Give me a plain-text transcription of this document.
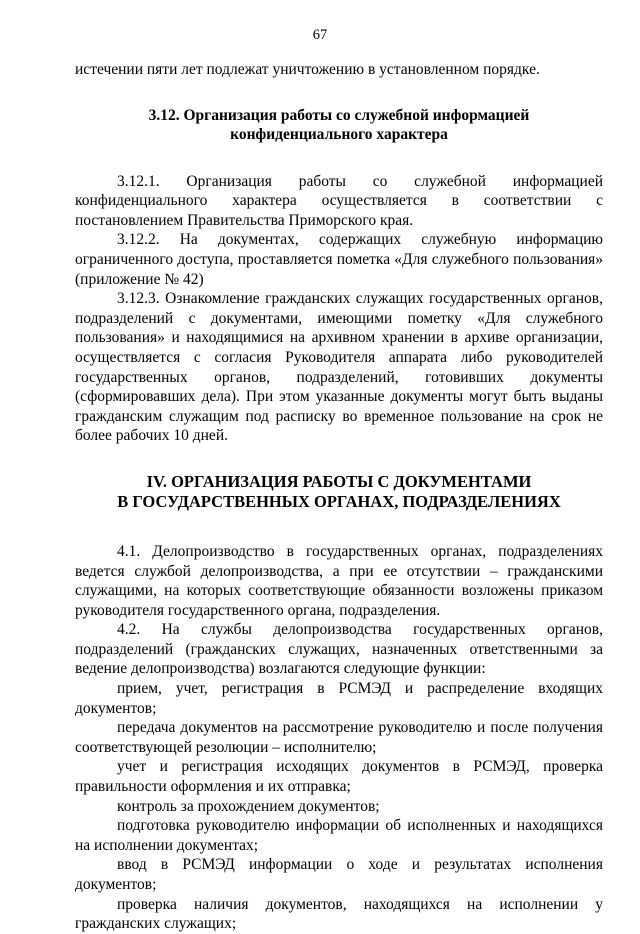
67
истечении пяти лет подлежат уничтожению в установленном порядке.
3.12. Организация работы со служебной информацией
конфиденциального характера
3.12.1. Организация работы со служебной информацией
конфиденциального характера осуществляется в соответствии с
постановлением Правительства Приморского края.
3.12.2. На документах, содержащих служебную информацию
ограниченного доступа, проставляется пометка «Для служебного пользования»
(приложение № 42)
3.12.3. Ознакомление гражданских служащих государственных органов,
подразделений с документами, имеющими пометку «Для служебного
пользования» и находящимися на архивном хранении в архиве организации,
осуществляется с согласия Руководителя аппарата либо руководителей
государственных органов, подразделений, готовивших документы
(сформировавших дела). При этом указанные документы могут быть выданы
гражданским служащим под расписку во временное пользование на срок не
более рабочих 10 дней.
IV. ОРГАНИЗАЦИЯ РАБОТЫ С ДОКУМЕНТАМИ
В ГОСУДАРСТВЕННЫХ ОРГАНАХ, ПОДРАЗДЕЛЕНИЯХ
4.1. Делопроизводство в государственных органах, подразделениях
ведется службой делопроизводства, а при ее отсутствии – гражданскими
служащими, на которых соответствующие обязанности возложены приказом
руководителя государственного органа, подразделения.
4.2. На службы делопроизводства государственных органов,
подразделений (гражданских служащих, назначенных ответственными за
ведение делопроизводства) возлагаются следующие функции:
прием, учет, регистрация в РСМЭД и распределение входящих
документов;
передача документов на рассмотрение руководителю и после получения
соответствующей резолюции – исполнителю;
учет и регистрация исходящих документов в РСМЭД, проверка
правильности оформления и их отправка;
контроль за прохождением документов;
подготовка руководителю информации об исполненных и находящихся
на исполнении документах;
ввод в РСМЭД информации о ходе и результатах исполнения
документов;
проверка наличия документов, находящихся на исполнении у
гражданских служащих;
